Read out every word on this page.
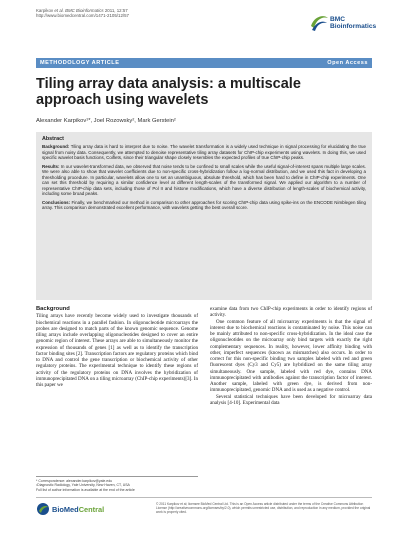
Karpikov et al. BMC Bioinformatics 2011, 12:57
http://www.biomedcentral.com/1471-2105/12/57
BMC
Bioinformatics
METHODOLOGY ARTICLE	Open Access
Tiling array data analysis: a multiscale approach using wavelets
Alexander Karpikov¹*, Joel Rozowsky², Mark Gerstein²
Abstract

Background: Tiling array data is hard to interpret due to noise. The wavelet transformation is a widely used technique in signal processing for elucidating the true signal from noisy data. Consequently, we attempted to denoise representative tiling array datasets for ChIP-chip experiments using wavelets. In doing this, we used specific wavelet basis functions, Coiflets, since their triangular shape closely resembles the expected profiles of true ChIP-chip peaks.

Results: In our wavelet-transformed data, we observed that noise tends to be confined to small scales while the useful signal-of-interest spans multiple large scales. We were also able to show that wavelet coefficients due to non-specific cross-hybridization follow a log-normal distribution, and we used this fact in developing a thresholding procedure. In particular, wavelets allow one to set an unambiguous, absolute threshold, which has been hard to define in ChIP-chip experiments. One can set this threshold by requiring a similar confidence level at different length-scales of the transformed signal. We applied our algorithm to a number of representative ChIP-chip data sets, including those of Pol II and histone modifications, which have a diverse distribution of length-scales of biochemical activity, including some broad peaks.

Conclusions: Finally, we benchmarked our method in comparison to other approaches for scoring ChIP-chip data using spike-ins on the ENCODE Nimblegen tiling array. This comparison demonstrated excellent performance, with wavelets getting the best overall score.

Background

Tiling arrays have recently become widely used to investigate thousands of biochemical reactions in a parallel fashion. In oligonucleotide microarrays the probes are designed to match parts of the known genomic sequence. Genome tiling arrays include overlapping oligonucleotides designed to cover an entire genomic region of interest. These arrays are able to simultaneously monitor the expression of thousands of genes [1] as well as to identify the transcription factor binding sites [2]. Transcription factors are regulatory proteins which bind to DNA and control the gene transcription or biochemical activity of other regulatory proteins. The experimental technique to identify these regions of activity of the regulatory proteins on DNA involves the hybridization of immunoprecipitated DNA on a tiling microarray (ChIP-chip experiments)[3]. In this paper we

examine data from two ChIP-chip experiments in order to identify regions of activity.

One common feature of all microarray experiments is that the signal of interest due to biochemical reactions is contaminated by noise. This noise can be mainly attributed to non-specific cross-hybridization. In the ideal case the oligonucleotides on the microarray only bind targets with exactly the right complementary sequences. In reality, however, lower affinity binding with other, imperfect sequences (known as mismatches) also occurs. In order to correct for this non-specific binding two samples labeled with red and green fluorescent dyes (Cy3 and Cy5) are hybridized on the same tiling array simultaneously. One sample, labeled with red dye, contains DNA immunoprecipitated with antibodies against the transcription factor of interest. Another sample, labeled with green dye, is derived from non-immunoprecipitated, genomic DNA and is used as a negative control.

Several statistical techniques have been developed for microarray data analysis [4-10]. Experimental data

* Correspondence: alexander.karpikov@yale.edu
¹Diagnostic Radiology, Yale University, New Haven, CT, USA
Full list of author information is available at the end of the article
BioMedCentral
© 2011 Karpikov et al; licensee BioMed Central Ltd. This is an Open Access article distributed under the terms of the Creative Commons Attribution License (http://creativecommons.org/licenses/by/2.0), which permits unrestricted use, distribution, and reproduction in any medium, provided the original work is properly cited.
